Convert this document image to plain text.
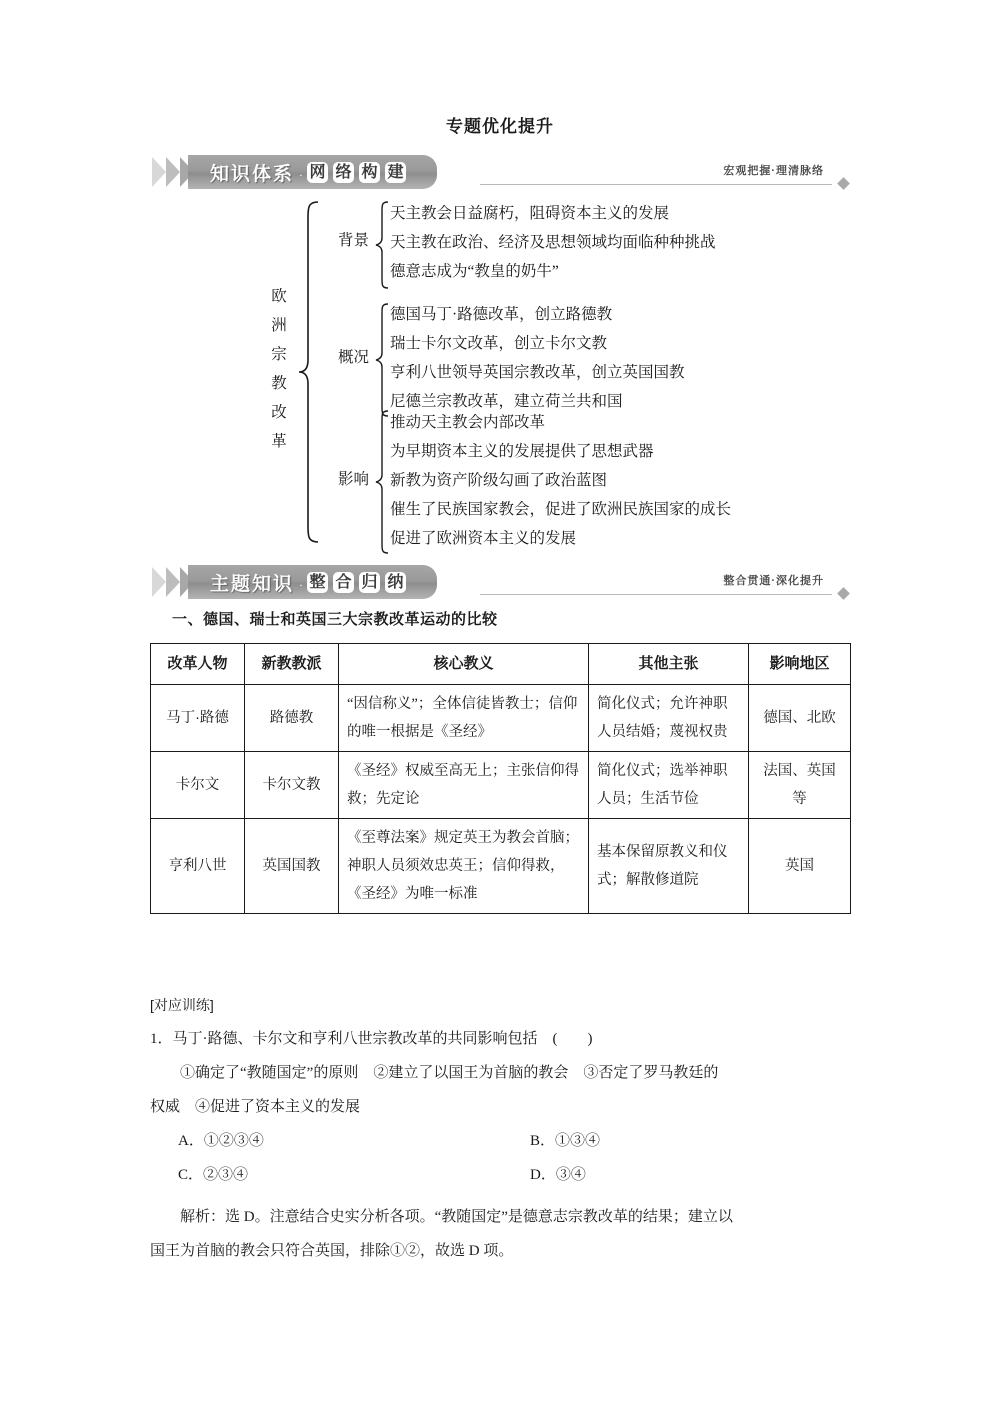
专题优化提升
知识体系 · 网 络 构 建	宏观把握·理清脉络
欧
洲
宗
教
改
革
背景
天主教会日益腐朽，阻碍资本主义的发展
天主教在政治、经济及思想领域均面临种种挑战
德意志成为“教皇的奶牛”
概况
德国马丁·路德改革，创立路德教
瑞士卡尔文改革，创立卡尔文教
亨利八世领导英国宗教改革，创立英国国教
尼德兰宗教改革，建立荷兰共和国
影响
推动天主教会内部改革
为早期资本主义的发展提供了思想武器
新教为资产阶级勾画了政治蓝图
催生了民族国家教会，促进了欧洲民族国家的成长
促进了欧洲资本主义的发展
主题知识 · 整 合 归 纳	整合贯通·深化提升
一、德国、瑞士和英国三大宗教改革运动的比较
改革人物	新教教派	核心教义	其他主张	影响地区
马丁·路德	路德教	“因信称义”；全体信徒皆教士；信仰的唯一根据是《圣经》	简化仪式；允许神职人员结婚；蔑视权贵	德国、北欧
卡尔文	卡尔文教	《圣经》权威至高无上；主张信仰得救；先定论	简化仪式；选举神职人员；生活节俭	法国、英国等
亨利八世	英国国教	《至尊法案》规定英王为教会首脑；神职人员须效忠英王；信仰得救，《圣经》为唯一标准	基本保留原教义和仪式；解散修道院	英国
[对应训练]
1．马丁·路德、卡尔文和亨利八世宗教改革的共同影响包括　(　　)
①确定了“教随国定”的原则　②建立了以国王为首脑的教会　③否定了罗马教廷的
权威　④促进了资本主义的发展
A．①②③④	B．①③④
C．②③④	D．③④
解析：选 D。注意结合史实分析各项。“教随国定”是德意志宗教改革的结果；建立以
国王为首脑的教会只符合英国，排除①②，故选 D 项。
